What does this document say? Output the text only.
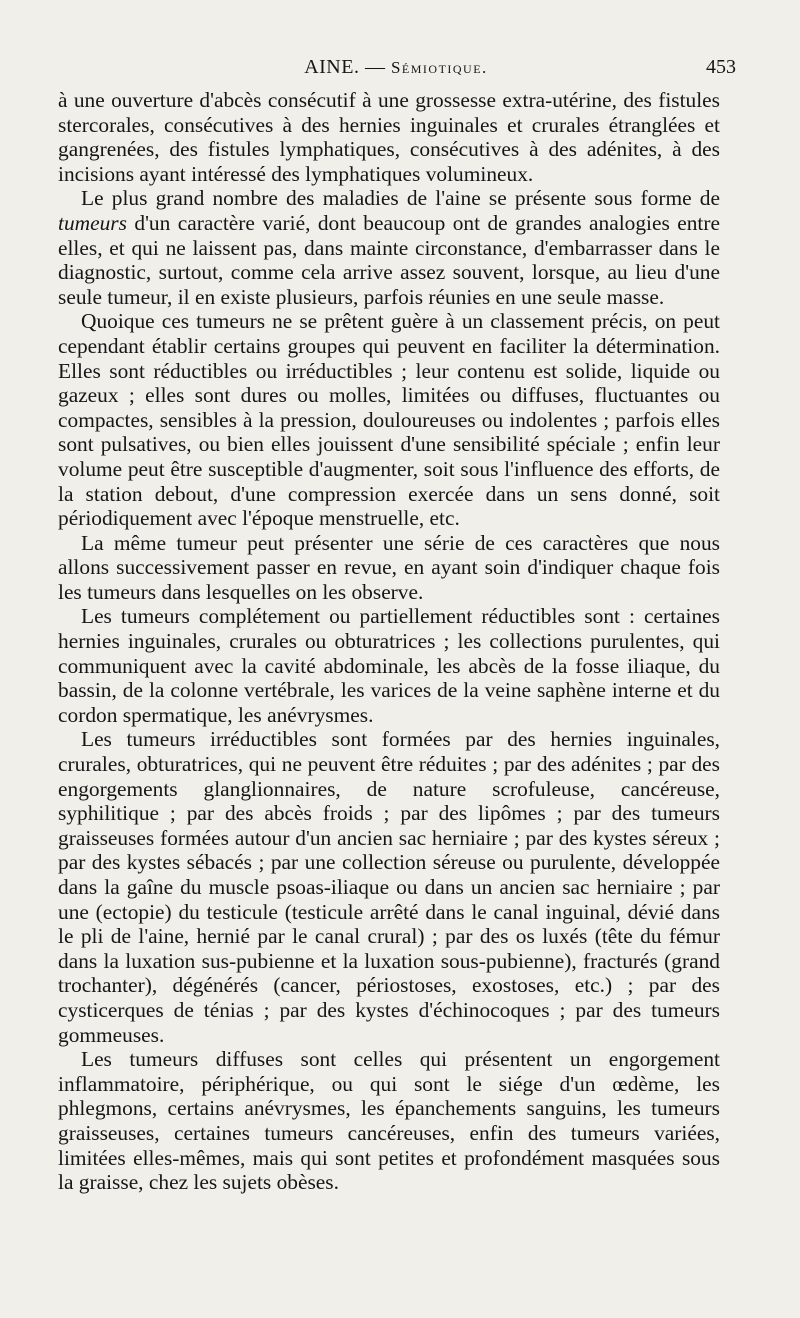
AINE. — Sémiotique.	453

à une ouverture d'abcès consécutif à une grossesse extra-utérine, des fistules stercorales, consécutives à des hernies inguinales et crurales étranglées et gangrenées, des fistules lymphatiques, consécutives à des adénites, à des incisions ayant intéressé des lymphatiques volumineux.

Le plus grand nombre des maladies de l'aine se présente sous forme de tumeurs d'un caractère varié, dont beaucoup ont de grandes analogies entre elles, et qui ne laissent pas, dans mainte circonstance, d'embarrasser dans le diagnostic, surtout, comme cela arrive assez souvent, lorsque, au lieu d'une seule tumeur, il en existe plusieurs, parfois réunies en une seule masse.

Quoique ces tumeurs ne se prêtent guère à un classement précis, on peut cependant établir certains groupes qui peuvent en faciliter la détermination. Elles sont réductibles ou irréductibles ; leur contenu est solide, liquide ou gazeux ; elles sont dures ou molles, limitées ou diffuses, fluctuantes ou compactes, sensibles à la pression, douloureuses ou indolentes ; parfois elles sont pulsatives, ou bien elles jouissent d'une sensibilité spéciale ; enfin leur volume peut être susceptible d'augmenter, soit sous l'influence des efforts, de la station debout, d'une compression exercée dans un sens donné, soit périodiquement avec l'époque menstruelle, etc.

La même tumeur peut présenter une série de ces caractères que nous allons successivement passer en revue, en ayant soin d'indiquer chaque fois les tumeurs dans lesquelles on les observe.

Les tumeurs complétement ou partiellement réductibles sont : certaines hernies inguinales, crurales ou obturatrices ; les collections purulentes, qui communiquent avec la cavité abdominale, les abcès de la fosse iliaque, du bassin, de la colonne vertébrale, les varices de la veine saphène interne et du cordon spermatique, les anévrysmes.

Les tumeurs irréductibles sont formées par des hernies inguinales, crurales, obturatrices, qui ne peuvent être réduites ; par des adénites ; par des engorgements glanglionnaires, de nature scrofuleuse, cancéreuse, syphilitique ; par des abcès froids ; par des lipômes ; par des tumeurs graisseuses formées autour d'un ancien sac herniaire ; par des kystes séreux ; par des kystes sébacés ; par une collection séreuse ou purulente, développée dans la gaîne du muscle psoas-iliaque ou dans un ancien sac herniaire ; par une (ectopie) du testicule (testicule arrêté dans le canal inguinal, dévié dans le pli de l'aine, hernié par le canal crural) ; par des os luxés (tête du fémur dans la luxation sus-pubienne et la luxation sous-pubienne), fracturés (grand trochanter), dégénérés (cancer, périostoses, exostoses, etc.) ; par des cysticerques de ténias ; par des kystes d'échinocoques ; par des tumeurs gommeuses.

Les tumeurs diffuses sont celles qui présentent un engorgement inflammatoire, périphérique, ou qui sont le siége d'un œdème, les phlegmons, certains anévrysmes, les épanchements sanguins, les tumeurs graisseuses, certaines tumeurs cancéreuses, enfin des tumeurs variées, limitées elles-mêmes, mais qui sont petites et profondément masquées sous la graisse, chez les sujets obèses.
